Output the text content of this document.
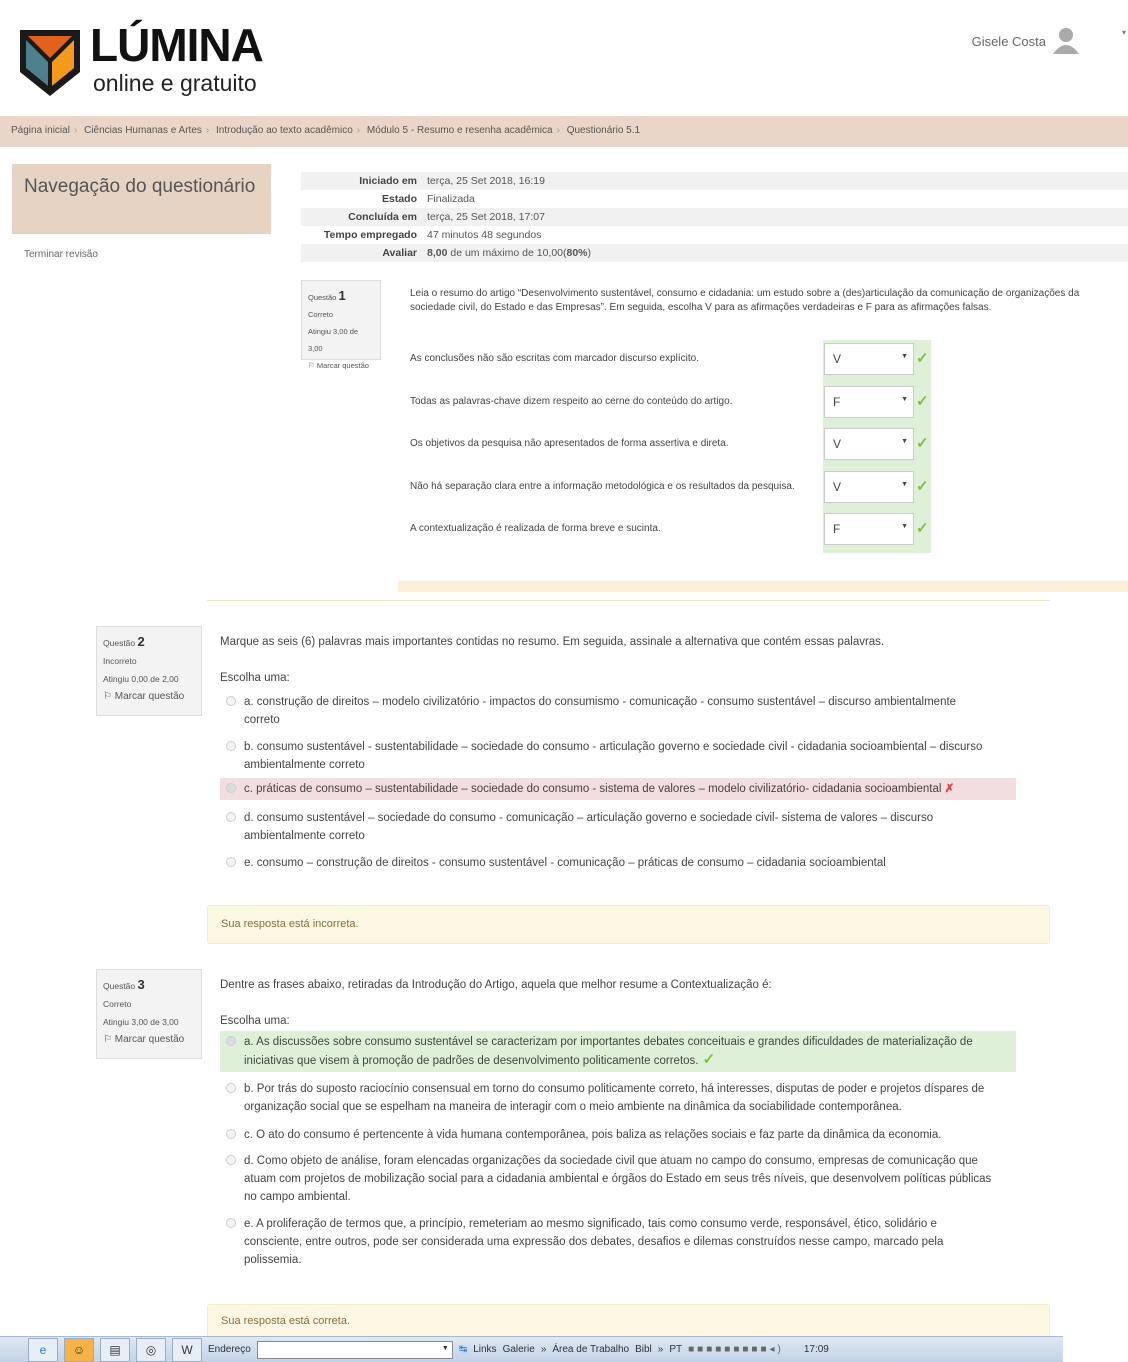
LÚMINA
online e gratuito
Gisele Costa
▾
Página inicial › Ciências Humanas e Artes › Introdução ao texto acadêmico › Módulo 5 - Resumo e resenha acadêmica › Questionário 5.1
Navegação do questionário
Terminar revisão
Iniciado em terça, 25 Set 2018, 16:19
Estado Finalizada
Concluída em terça, 25 Set 2018, 17:07
Tempo empregado 47 minutos 48 segundos
Avaliar 8,00 de um máximo de 10,00(80%)
Questão 1
Correto
Atingiu 3,00 de 3,00
⚐ Marcar questão
Leia o resumo do artigo “Desenvolvimento sustentável, consumo e cidadania: um estudo sobre a (des)articulação da comunicação de organizações da sociedade civil, do Estado e das Empresas”. Em seguida, escolha V para as afirmações verdadeiras e F para as afirmações falsas.
As conclusões não são escritas com marcador discurso explícito.	V	▼ ✓
Todas as palavras-chave dizem respeito ao cerne do conteúdo do artigo.	F	▼ ✓
Os objetivos da pesquisa não apresentados de forma assertiva e direta.	V	▼ ✓
Não há separação clara entre a informação metodológica e os resultados da pesquisa.	V	▼ ✓
A contextualização é realizada de forma breve e sucinta.	F	▼ ✓
Questão 2
Incorreto
Atingiu 0,00 de 2,00
⚐ Marcar questão
Marque as seis (6) palavras mais importantes contidas no resumo. Em seguida, assinale a alternativa que contém essas palavras.
Escolha uma:
a. construção de direitos – modelo civilizatório - impactos do consumismo - comunicação - consumo sustentável – discurso ambientalmente correto
b. consumo sustentável - sustentabilidade – sociedade do consumo - articulação governo e sociedade civil - cidadania socioambiental – discurso ambientalmente correto
c. práticas de consumo – sustentabilidade – sociedade do consumo - sistema de valores – modelo civilizatório- cidadania socioambiental ✗
d. consumo sustentável – sociedade do consumo - comunicação – articulação governo e sociedade civil- sistema de valores – discurso ambientalmente correto
e. consumo – construção de direitos - consumo sustentável - comunicação – práticas de consumo – cidadania socioambiental
Sua resposta está incorreta.
Questão 3
Correto
Atingiu 3,00 de 3,00
⚐ Marcar questão
Dentre as frases abaixo, retiradas da Introdução do Artigo, aquela que melhor resume a Contextualização é:
Escolha uma:
a. As discussões sobre consumo sustentável se caracterizam por importantes debates conceituais e grandes dificuldades de materialização de iniciativas que visem à promoção de padrões de desenvolvimento politicamente corretos. ✓
b. Por trás do suposto raciocínio consensual em torno do consumo politicamente correto, há interesses, disputas de poder e projetos díspares de organização social que se espelham na maneira de interagir com o meio ambiente na dinâmica da sociabilidade contemporânea.
c. O ato do consumo é pertencente à vida humana contemporânea, pois baliza as relações sociais e faz parte da dinâmica da economia.
d. Como objeto de análise, foram elencadas organizações da sociedade civil que atuam no campo do consumo, empresas de comunicação que atuam com projetos de mobilização social para a cidadania ambiental e órgãos do Estado em seus três níveis, que desenvolvem políticas públicas no campo ambiental.
e. A proliferação de termos que, a princípio, remeteriam ao mesmo significado, tais como consumo verde, responsável, ético, solidário e consciente, entre outros, pode ser considerada uma expressão dos debates, desafios e dilemas construídos nesse campo, marcado pela polissemia.
Sua resposta está correta.
e	☺	▤	◎	W	Endereço	▼	↹ Links Galerie » Área de Trabalho Bibl » PT ■■■■■■■■■◂) 17:09
